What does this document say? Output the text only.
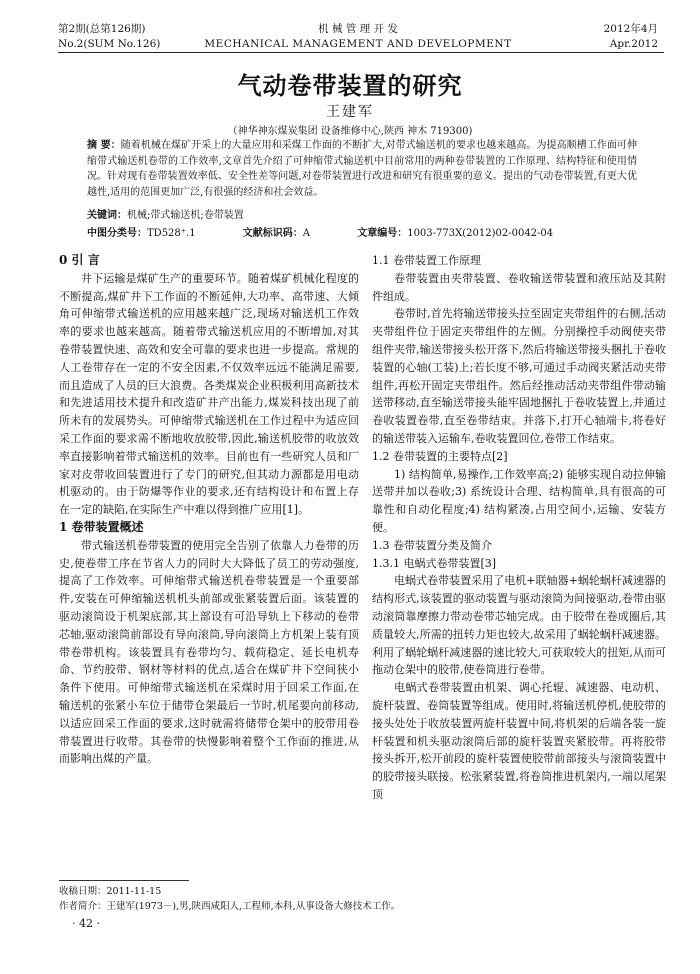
第2期(总第126期)	机 械 管 理 开 发	2012年4月
No.2(SUM No.126)	MECHANICAL MANAGEMENT AND DEVELOPMENT	Apr.2012
气动卷带装置的研究
王建军
（神华神东煤炭集团 设备维修中心,陕西 神木 719300)
摘 要：随着机械在煤矿开采上的大量应用和采煤工作面的不断扩大,对带式输送机的要求也越来越高。为提高顺槽工作面可伸缩带式输送机卷带的工作效率,文章首先介绍了可伸缩带式输送机中目前常用的两种卷带装置的工作原理、结构特征和使用情况。针对现有卷带装置效率低、安全性差等问题,对卷带装置进行改进和研究有很重要的意义。提出的气动卷带装置,有更大优越性,适用的范围更加广泛,有很强的经济和社会效益。
关键词：机械;带式输送机;卷带装置
中图分类号：TD528⁺.1	文献标识码：A	文章编号：1003-773X(2012)02-0042-04
0 引 言

井下运输是煤矿生产的重要环节。随着煤矿机械化程度的不断提高,煤矿井下工作面的不断延伸,大功率、高带速、大倾角可伸缩带式输送机的应用越来越广泛,现场对输送机工作效率的要求也越来越高。随着带式输送机应用的不断增加,对其卷带装置快速、高效和安全可靠的要求也进一步提高。常规的人工卷带存在一定的不安全因素,不仅效率远远不能满足需要,而且造成了人员的巨大浪费。各类煤炭企业积极利用高新技术和先进适用技术提升和改造矿井产出能力,煤炭科技出现了前所未有的发展势头。可伸缩带式输送机在工作过程中为适应回采工作面的要求需不断地收放胶带,因此,输送机胶带的收放效率直接影响着带式输送机的效率。目前也有一些研究人员和厂家对皮带收回装置进行了专门的研究,但其动力源都是用电动机驱动的。由于防爆等作业的要求,还有结构设计和布置上存在一定的缺陷,在实际生产中难以得到推广应用[1]。

1 卷带装置概述

带式输送机卷带装置的使用完全告别了依靠人力卷带的历史,使卷带工序在节省人力的同时大大降低了员工的劳动强度,提高了工作效率。可伸缩带式输送机卷带装置是一个重要部件,安装在可伸缩输送机机头前部或张紧装置后面。该装置的驱动滚筒设于机架底部,其上部设有可沿导轨上下移动的卷带芯轴,驱动滚筒前部设有导向滚筒,导向滚筒上方机架上装有顶带卷带机构。该装置具有卷带均匀、载荷稳定、延长电机寿命、节约胶带、钢材等材料的优点,适合在煤矿井下空间狭小条件下使用。可伸缩带式输送机在采煤时用于回采工作面,在输送机的张紧小车位于储带仓架最后一节时,机尾要向前移动,以适应回采工作面的要求,这时就需将储带仓架中的胶带用卷带装置进行收带。其卷带的快慢影响着整个工作面的推进,从而影响出煤的产量。

1.1 卷带装置工作原理

卷带装置由夹带装置、卷收输送带装置和液压站及其附件组成。

卷带时,首先将输送带接头拉至固定夹带组件的右侧,活动夹带组件位于固定夹带组件的左侧。分别操控手动阀使夹带组件夹带,输送带接头松开落下,然后将输送带接头捆扎于卷收装置的心轴(工装)上;若长度不够,可通过手动阀夹紧活动夹带组件,再松开固定夹带组件。然后经推动活动夹带组件带动输送带移动,直至输送带接头能牢固地捆扎于卷收装置上,并通过卷收装置卷带,直至卷带结束。并落下,打开心轴端卡,将卷好的输送带装入运输车,卷收装置回位,卷带工作结束。

1.2 卷带装置的主要特点[2]

1) 结构简单,易操作,工作效率高;2) 能够实现自动拉伸输送带并加以卷收;3) 系统设计合理、结构简单,具有很高的可靠性和自动化程度;4) 结构紧凑,占用空间小,运输、安装方便。

1.3 卷带装置分类及简介
1.3.1 电蜗式卷带装置[3]

电蜗式卷带装置采用了电机+联轴器+蜗轮蜗杆减速器的结构形式,该装置的驱动装置与驱动滚筒为间接驱动,卷带由驱动滚筒靠摩擦力带动卷带芯轴完成。由于胶带在卷成圈后,其质量较大,所需的扭转力矩也较大,故采用了蜗轮蜗杆减速器。利用了蜗轮蜗杆减速器的速比较大,可获取较大的扭矩,从而可拖动仓架中的胶带,使卷筒进行卷带。

电蜗式卷带装置由机架、调心托辊、减速器、电动机、旋杆装置、卷筒装置等组成。使用时,将输送机停机,使胶带的接头处处于收放装置两旋杆装置中间,将机架的后端各装一旋杆装置和机头驱动滚筒后部的旋杆装置夹紧胶带。再将胶带接头拆开,松开前段的旋杆装置使胶带前部接头与滚筒装置中的胶带接头联接。松张紧装置,将卷筒推进机架内,一端以尾架顶

收稿日期：2011-11-15
作者简介：王建军(1973－),男,陕西咸阳人,工程师,本科,从事设备大修技术工作。
· 42 ·
